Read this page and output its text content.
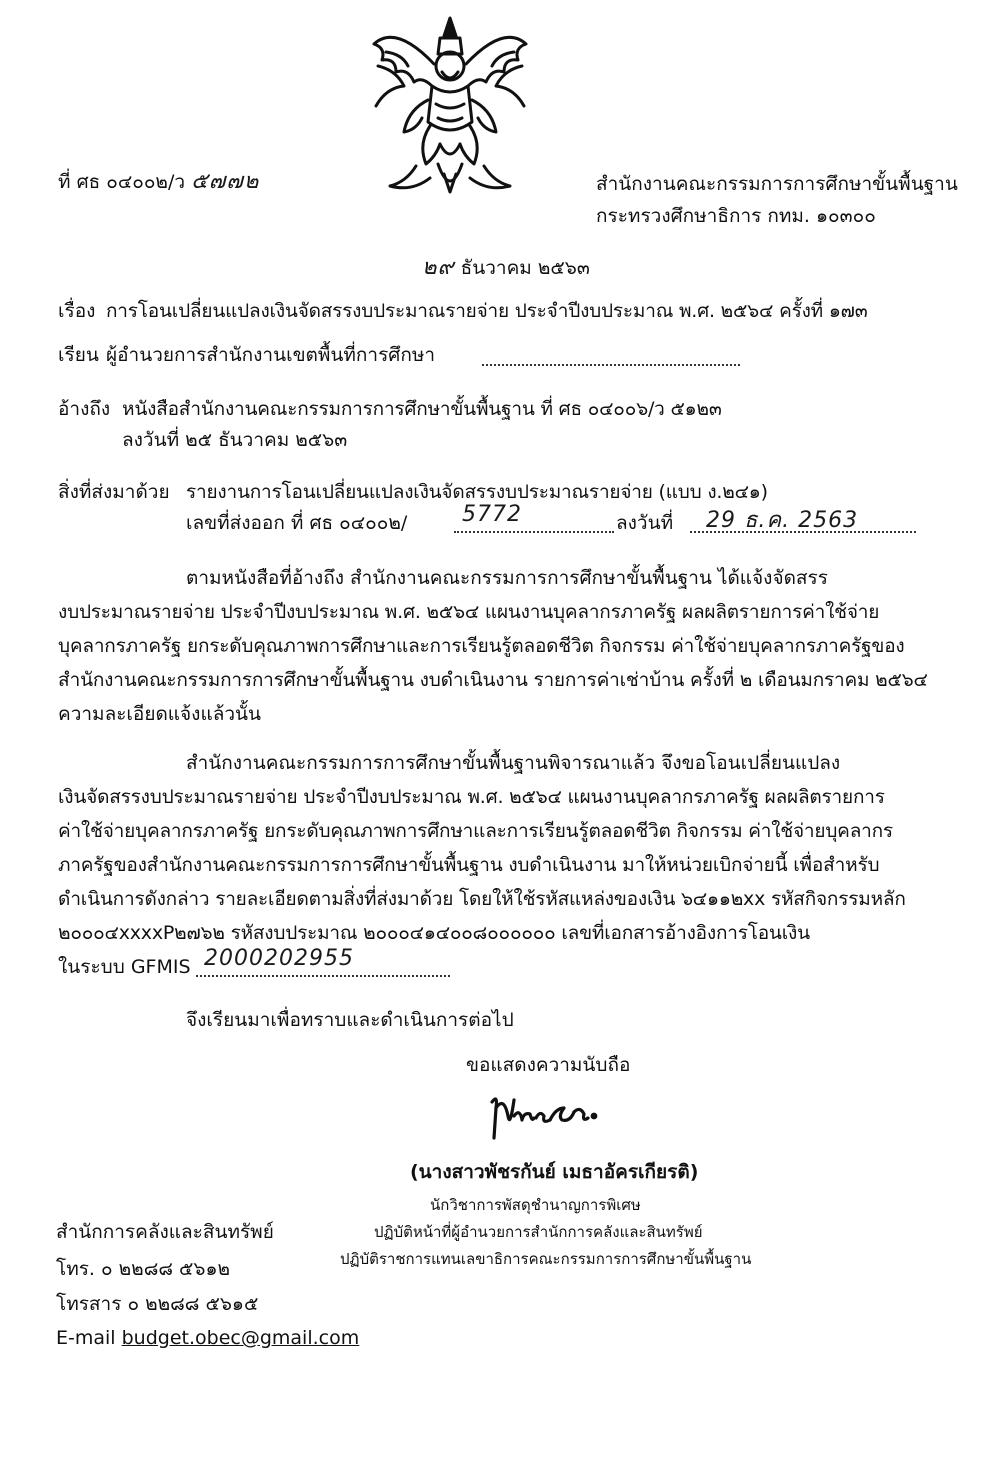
ที่ ศธ ๐๔๐๐๒/ว ๕๗๗๒	สำนักงานคณะกรรมการการศึกษาขั้นพื้นฐาน
กระทรวงศึกษาธิการ กทม. ๑๐๓๐๐
๒๙ ธันวาคม ๒๕๖๓
เรื่อง การโอนเปลี่ยนแปลงเงินจัดสรรงบประมาณรายจ่าย ประจำปีงบประมาณ พ.ศ. ๒๕๖๔ ครั้งที่ ๑๗๓
เรียน ผู้อำนวยการสำนักงานเขตพื้นที่การศึกษา
อ้างถึง หนังสือสำนักงานคณะกรรมการการศึกษาขั้นพื้นฐาน ที่ ศธ ๐๔๐๐๖/ว ๕๑๒๓
ลงวันที่ ๒๕ ธันวาคม ๒๕๖๓
สิ่งที่ส่งมาด้วย รายงานการโอนเปลี่ยนแปลงเงินจัดสรรงบประมาณรายจ่าย (แบบ ง.๒๔๑)
เลขที่ส่งออก ที่ ศธ ๐๔๐๐๒/ 5772	ลงวันที่ 29 ธ.ค. 2563
ตามหนังสือที่อ้างถึง สำนักงานคณะกรรมการการศึกษาขั้นพื้นฐาน ได้แจ้งจัดสรร
งบประมาณรายจ่าย ประจำปีงบประมาณ พ.ศ. ๒๕๖๔ แผนงานบุคลากรภาครัฐ ผลผลิตรายการค่าใช้จ่าย
บุคลากรภาครัฐ ยกระดับคุณภาพการศึกษาและการเรียนรู้ตลอดชีวิต กิจกรรม ค่าใช้จ่ายบุคลากรภาครัฐของ
สำนักงานคณะกรรมการการศึกษาขั้นพื้นฐาน งบดำเนินงาน รายการค่าเช่าบ้าน ครั้งที่ ๒ เดือนมกราคม ๒๕๖๔
ความละเอียดแจ้งแล้วนั้น
สำนักงานคณะกรรมการการศึกษาขั้นพื้นฐานพิจารณาแล้ว จึงขอโอนเปลี่ยนแปลง
เงินจัดสรรงบประมาณรายจ่าย ประจำปีงบประมาณ พ.ศ. ๒๕๖๔ แผนงานบุคลากรภาครัฐ ผลผลิตรายการ
ค่าใช้จ่ายบุคลากรภาครัฐ ยกระดับคุณภาพการศึกษาและการเรียนรู้ตลอดชีวิต กิจกรรม ค่าใช้จ่ายบุคลากร
ภาครัฐของสำนักงานคณะกรรมการการศึกษาขั้นพื้นฐาน งบดำเนินงาน มาให้หน่วยเบิกจ่ายนี้ เพื่อสำหรับ
ดำเนินการดังกล่าว รายละเอียดตามสิ่งที่ส่งมาด้วย โดยให้ใช้รหัสแหล่งของเงิน ๖๔๑๑๒xx รหัสกิจกรรมหลัก
๒๐๐๐๔xxxxP๒๗๖๒ รหัสงบประมาณ ๒๐๐๐๔๑๔๐๐๘๐๐๐๐๐๐ เลขที่เอกสารอ้างอิงการโอนเงิน
ในระบบ GFMIS 2000202955
จึงเรียนมาเพื่อทราบและดำเนินการต่อไป
ขอแสดงความนับถือ
(นางสาวพัชรกันย์ เมธาอัครเกียรติ)
นักวิชาการพัสดุชำนาญการพิเศษ
ปฏิบัติหน้าที่ผู้อำนวยการสำนักการคลังและสินทรัพย์
ปฏิบัติราชการแทนเลขาธิการคณะกรรมการการศึกษาขั้นพื้นฐาน
สำนักการคลังและสินทรัพย์
โทร. ๐ ๒๒๘๘ ๕๖๑๒
โทรสาร ๐ ๒๒๘๘ ๕๖๑๕
E-mail budget.obec@gmail.com
